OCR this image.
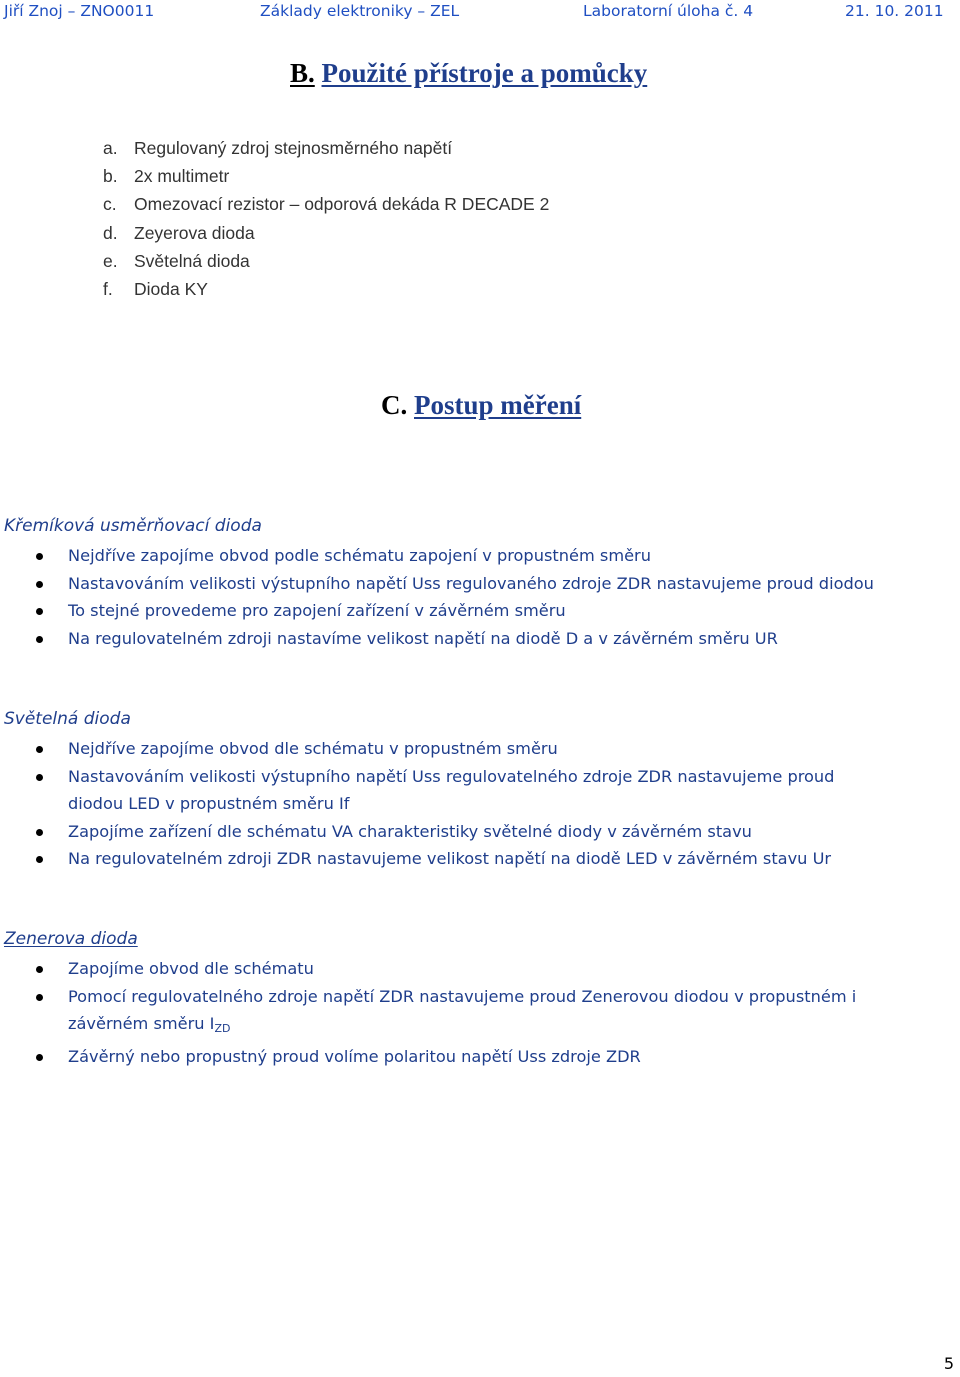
Jiří Znoj – ZNO0011	Základy elektroniky – ZEL	Laboratorní úloha č. 4	21. 10. 2011
B. Použité přístroje a pomůcky
a. Regulovaný zdroj stejnosměrného napětí
b. 2x multimetr
c. Omezovací rezistor – odporová dekáda R DECADE 2
d. Zeyerova dioda
e. Světelná dioda
f. Dioda KY
C. Postup měření
Křemíková usměrňovací dioda
Nejdříve zapojíme obvod podle schématu zapojení v propustném směru
Nastavováním velikosti výstupního napětí Uss regulovaného zdroje ZDR nastavujeme proud diodou
To stejné provedeme pro zapojení zařízení v závěrném směru
Na regulovatelném zdroji nastavíme velikost napětí na diodě D a v závěrném směru UR
Světelná dioda
Nejdříve zapojíme obvod dle schématu v propustném směru
Nastavováním velikosti výstupního napětí Uss regulovatelného zdroje ZDR nastavujeme proud
diodou LED v propustném směru If
Zapojíme zařízení dle schématu VA charakteristiky světelné diody v závěrném stavu
Na regulovatelném zdroji ZDR nastavujeme velikost napětí na diodě LED v závěrném stavu Ur
Zenerova dioda
Zapojíme obvod dle schématu
Pomocí regulovatelného zdroje napětí ZDR nastavujeme proud Zenerovou diodou v propustném i
závěrném směru $I_{ZD}$
Závěrný nebo propustný proud volíme polaritou napětí Uss zdroje ZDR
5
